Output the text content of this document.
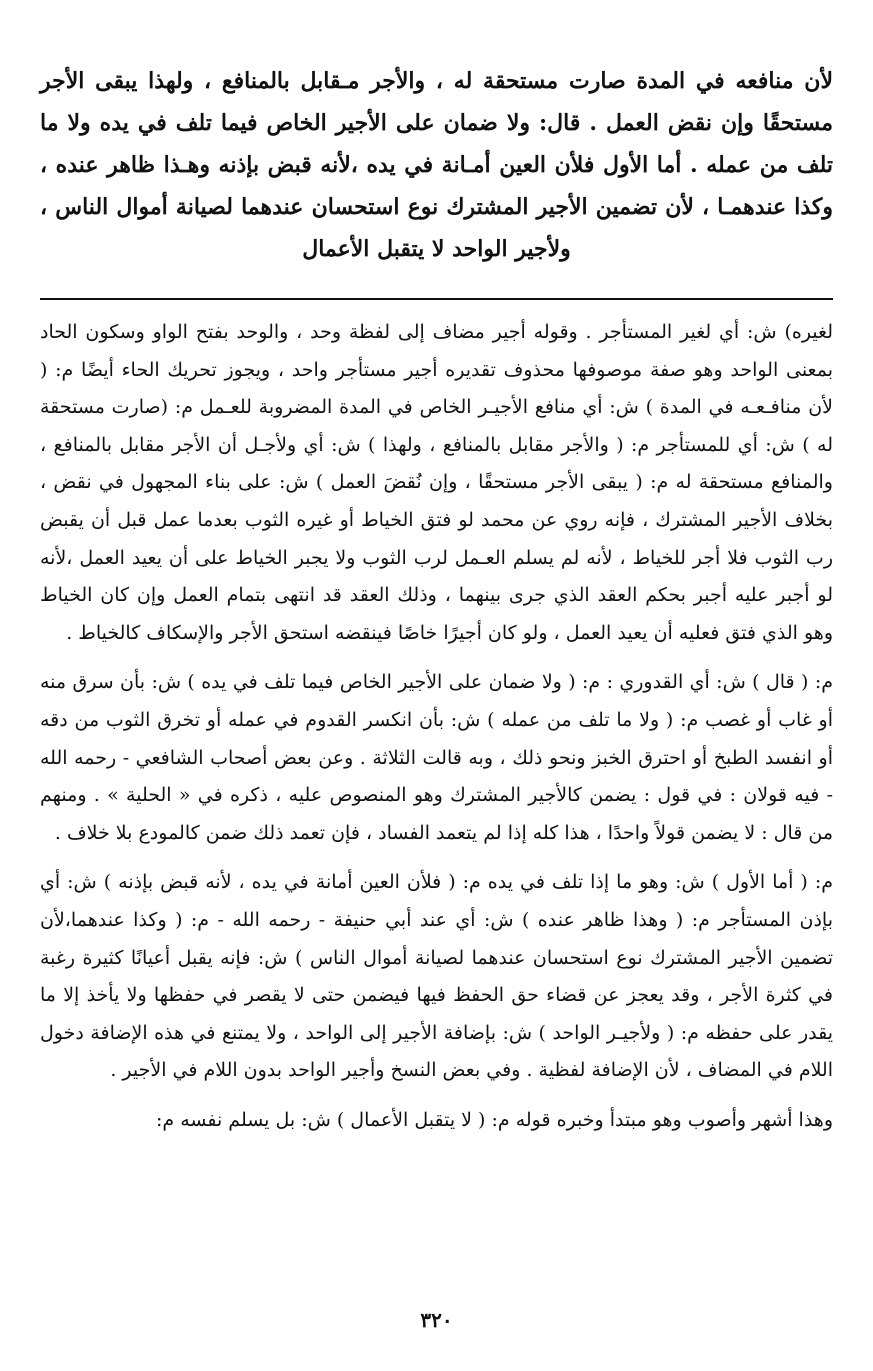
لأن منافعه في المدة صارت مستحقة له ، والأجر مـقابل بالمنافع ، ولهذا يبقى الأجر مستحقًا وإن نقض العمل . قال: ولا ضمان على الأجير الخاص فيما تلف في يده ولا ما تلف من عمله . أما الأول فلأن العين أمـانة في يده ،لأنه قبض بإذنه وهـذا ظاهر عنده ، وكذا عندهمـا ، لأن تضمين الأجير المشترك نوع استحسان عندهما لصيانة أموال الناس ، ولأجير الواحد لا يتقبل الأعمال

لغيره) ش: أي لغير المستأجر . وقوله أجير مضاف إلى لفظة وحد ، والوحد بفتح الواو وسكون الحاد بمعنى الواحد وهو صفة موصوفها محذوف تقديره أجير مستأجر واحد ، ويجوز تحريك الحاء أيضًا م: ( لأن منافـعـه في المدة ) ش: أي منافع الأجيـر الخاص في المدة المضروبة للعـمل م: (صارت مستحقة له ) ش: أي للمستأجر م: ( والأجر مقابل بالمنافع ، ولهذا ) ش: أي ولأجـل أن الأجر مقابل بالمنافع ، والمنافع مستحقة له م: ( يبقى الأجر مستحقًا ، وإن نُقضَ العمل ) ش: على بناء المجهول في نقض ، بخلاف الأجير المشترك ، فإنه روي عن محمد لو فتق الخياط أو غيره الثوب بعدما عمل قبل أن يقبض رب الثوب فلا أجر للخياط ، لأنه لم يسلم العـمل لرب الثوب ولا يجبر الخياط على أن يعيد العمل ،لأنه لو أجبر عليه أجبر بحكم العقد الذي جرى بينهما ، وذلك العقد قد انتهى بتمام العمل وإن كان الخياط وهو الذي فتق فعليه أن يعيد العمل ، ولو كان أجيرًا خاصًا فينقضه استحق الأجر والإسكاف كالخياط .

م: ( قال ) ش: أي القدوري : م: ( ولا ضمان على الأجير الخاص فيما تلف في يده ) ش: بأن سرق منه أو غاب أو غصب م: ( ولا ما تلف من عمله ) ش: بأن انكسر القدوم في عمله أو تخرق الثوب من دقه أو انفسد الطبخ أو احترق الخبز ونحو ذلك ، وبه قالت الثلاثة . وعن بعض أصحاب الشافعي - رحمه الله - فيه قولان : في قول : يضمن كالأجير المشترك وهو المنصوص عليه ، ذكره في « الحلية » . ومنهم من قال : لا يضمن قولاً واحدًا ، هذا كله إذا لم يتعمد الفساد ، فإن تعمد ذلك ضمن كالمودع بلا خلاف .

م: ( أما الأول ) ش: وهو ما إذا تلف في يده م: ( فلأن العين أمانة في يده ، لأنه قبض بإذنه ) ش: أي بإذن المستأجر م: ( وهذا ظاهر عنده ) ش: أي عند أبي حنيفة - رحمه الله - م: ( وكذا عندهما،لأن تضمين الأجير المشترك نوع استحسان عندهما لصيانة أموال الناس ) ش: فإنه يقبل أعيانًا كثيرة رغبة في كثرة الأجر ، وقد يعجز عن قضاء حق الحفظ فيها فيضمن حتى لا يقصر في حفظها ولا يأخذ إلا ما يقدر على حفظه م: ( ولأجيـر الواحد ) ش: بإضافة الأجير إلى الواحد ، ولا يمتنع في هذه الإضافة دخول اللام في المضاف ، لأن الإضافة لفظية . وفي بعض النسخ وأجير الواحد بدون اللام في الأجير .

وهذا أشهر وأصوب وهو مبتدأ وخبره قوله م: ( لا يتقبل الأعمال ) ش: بل يسلم نفسه م:

٣٢٠
